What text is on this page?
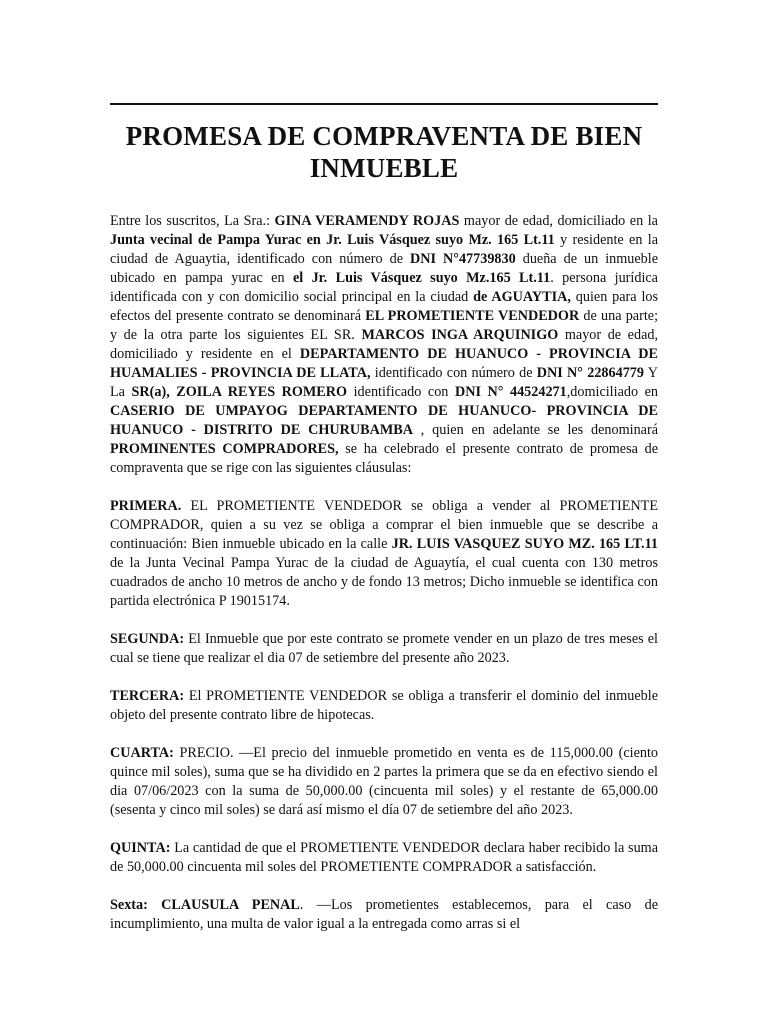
PROMESA DE COMPRAVENTA DE BIEN
INMUEBLE

Entre los suscritos, La Sra.: GINA VERAMENDY ROJAS mayor de edad, domiciliado en la Junta vecinal de Pampa Yurac en Jr. Luis Vásquez suyo Mz. 165 Lt.11 y residente en la ciudad de Aguaytia, identificado con número de DNI N°47739830 dueña de un inmueble ubicado en pampa yurac en el Jr. Luis Vásquez suyo Mz.165 Lt.11. persona jurídica identificada con y con domicilio social principal en la ciudad de AGUAYTIA, quien para los efectos del presente contrato se denominará EL PROMETIENTE VENDEDOR de una parte; y de la otra parte los siguientes EL SR. MARCOS INGA ARQUINIGO mayor de edad, domiciliado y residente en el DEPARTAMENTO DE HUANUCO - PROVINCIA DE HUAMALIES - PROVINCIA DE LLATA, identificado con número de DNI N° 22864779 Y La SR(a), ZOILA REYES ROMERO identificado con DNI N° 44524271,domiciliado en CASERIO DE UMPAYOG DEPARTAMENTO DE HUANUCO- PROVINCIA DE HUANUCO - DISTRITO DE CHURUBAMBA , quien en adelante se les denominará PROMINENTES COMPRADORES, se ha celebrado el presente contrato de promesa de compraventa que se rige con las siguientes cláusulas:

PRIMERA. EL PROMETIENTE VENDEDOR se obliga a vender al PROMETIENTE COMPRADOR, quien a su vez se obliga a comprar el bien inmueble que se describe a continuación: Bien inmueble ubicado en la calle JR. LUIS VASQUEZ SUYO MZ. 165 LT.11 de la Junta Vecinal Pampa Yurac de la ciudad de Aguaytía, el cual cuenta con 130 metros cuadrados de ancho 10 metros de ancho y de fondo 13 metros; Dicho inmueble se identifica con partida electrónica P 19015174.

SEGUNDA: El Inmueble que por este contrato se promete vender en un plazo de tres meses el cual se tiene que realizar el dia 07 de setiembre del presente año 2023.

TERCERA: El PROMETIENTE VENDEDOR se obliga a transferir el dominio del inmueble objeto del presente contrato libre de hipotecas.

CUARTA: PRECIO. —El precio del inmueble prometido en venta es de 115,000.00 (ciento quince mil soles), suma que se ha dividido en 2 partes la primera que se da en efectivo siendo el dia 07/06/2023 con la suma de 50,000.00 (cincuenta mil soles) y el restante de 65,000.00 (sesenta y cinco mil soles) se dará así mismo el día 07 de setiembre del año 2023.

QUINTA: La cantidad de que el PROMETIENTE VENDEDOR declara haber recibido la suma de 50,000.00 cincuenta mil soles del PROMETIENTE COMPRADOR a satisfacción.

Sexta: CLAUSULA PENAL. —Los prometientes establecemos, para el caso de incumplimiento, una multa de valor igual a la entregada como arras si el
